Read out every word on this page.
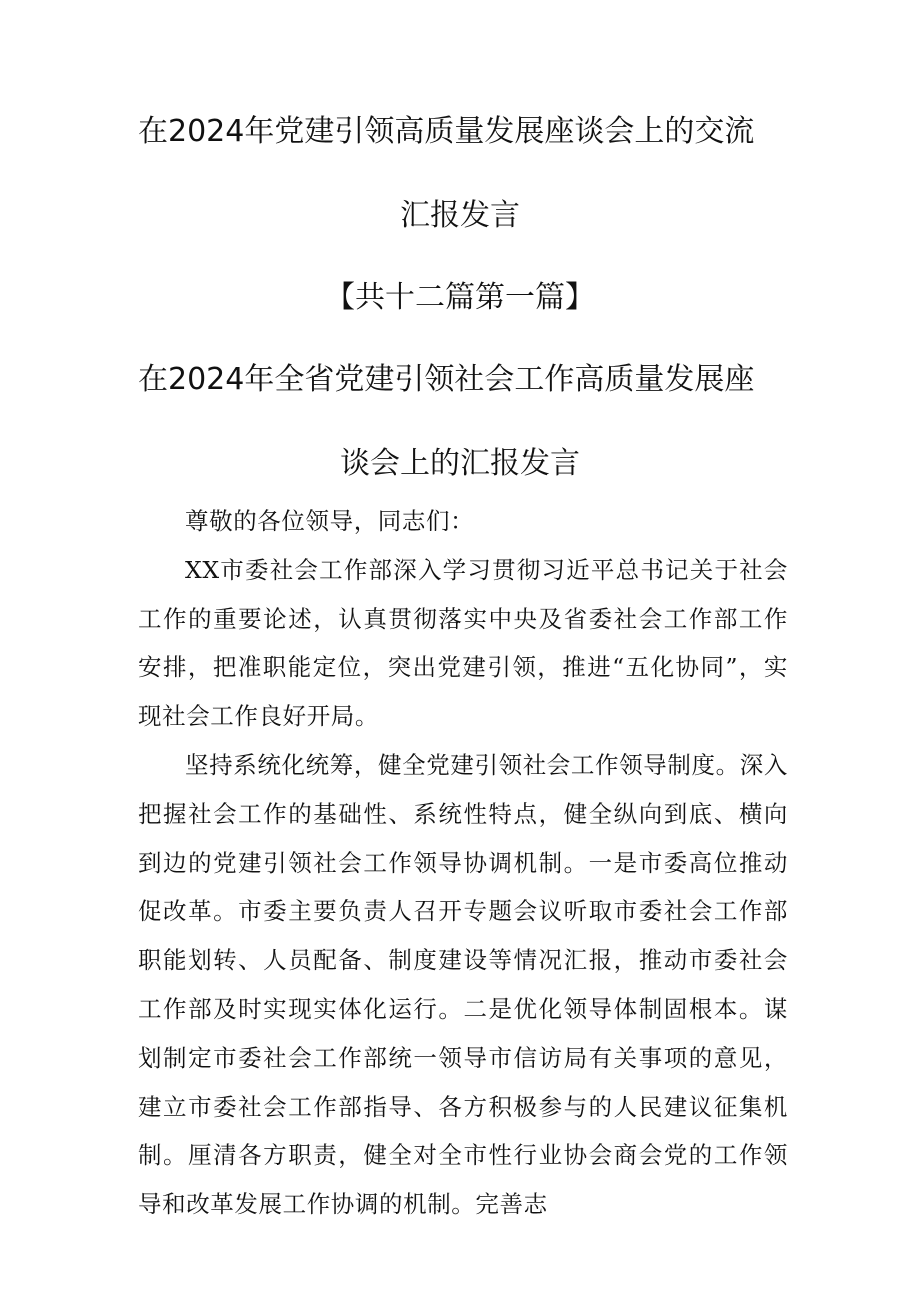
在2024年党建引领高质量发展座谈会上的交流
汇报发言
【共十二篇第一篇】
在2024年全省党建引领社会工作高质量发展座
谈会上的汇报发言

尊敬的各位领导，同志们：

XX市委社会工作部深入学习贯彻习近平总书记关于社会工作的重要论述，认真贯彻落实中央及省委社会工作部工作安排，把准职能定位，突出党建引领，推进“五化协同”，实现社会工作良好开局。

坚持系统化统筹，健全党建引领社会工作领导制度。深入把握社会工作的基础性、系统性特点，健全纵向到底、横向到边的党建引领社会工作领导协调机制。一是市委高位推动促改革。市委主要负责人召开专题会议听取市委社会工作部职能划转、人员配备、制度建设等情况汇报，推动市委社会工作部及时实现实体化运行。二是优化领导体制固根本。谋划制定市委社会工作部统一领导市信访局有关事项的意见，建立市委社会工作部指导、各方积极参与的人民建议征集机制。厘清各方职责，健全对全市性行业协会商会党的工作领导和改革发展工作协调的机制。完善志
